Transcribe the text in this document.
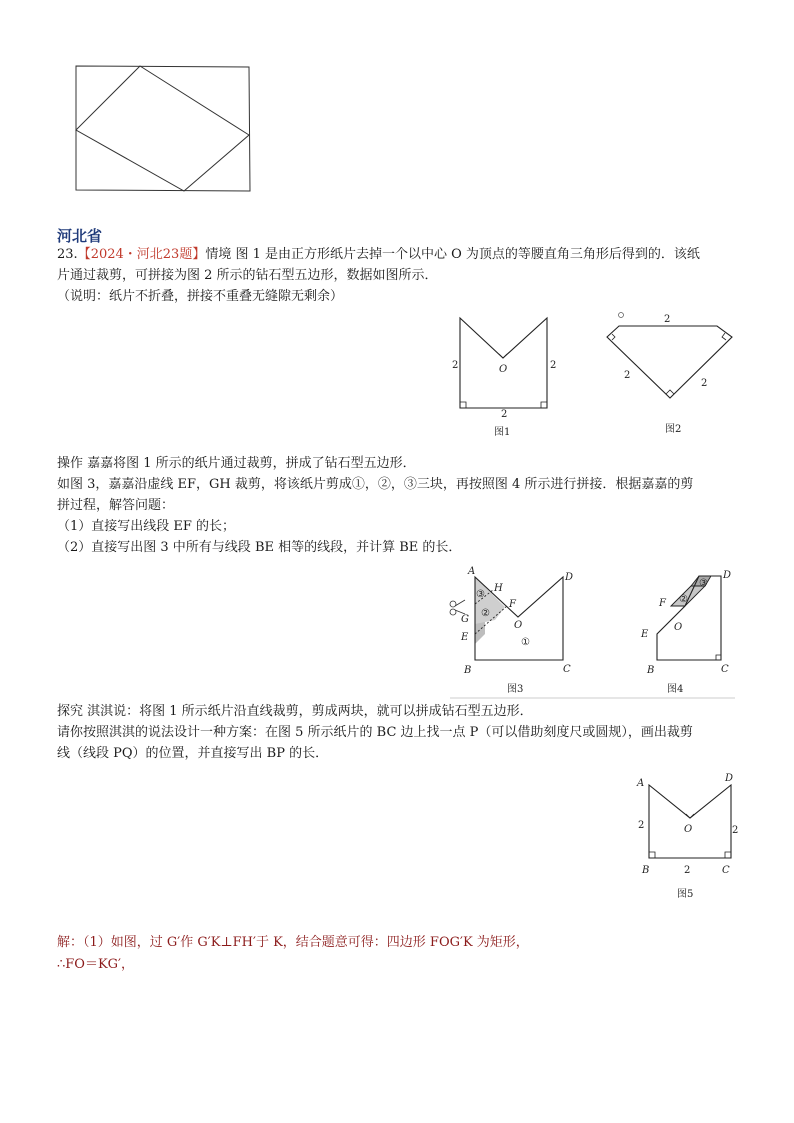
河北省
23.【2024・河北23题】情境 图 1 是由正方形纸片去掉一个以中心 O 为顶点的等腰直角三角形后得到的．该纸
片通过裁剪，可拼接为图 2 所示的钻石型五边形，数据如图所示．
（说明：纸片不折叠，拼接不重叠无缝隙无剩余）
2	2
2
O
图1
2
2
2
图2
操作 嘉嘉将图 1 所示的纸片通过裁剪，拼成了钻石型五边形．
如图 3，嘉嘉沿虚线 EF，GH 裁剪，将该纸片剪成①，②，③三块，再按照图 4 所示进行拼接．根据嘉嘉的剪
拼过程，解答问题：
（1）直接写出线段 EF 的长；
（2）直接写出图 3 中所有与线段 BE 相等的线段，并计算 BE 的长．
A
H
G
F
E
O
B	C
D
③
②
①
图3
F
O
E
B	C
D
②
③
图4
探究 淇淇说：将图 1 所示纸片沿直线裁剪，剪成两块，就可以拼成钻石型五边形．
请你按照淇淇的说法设计一种方案：在图 5 所示纸片的 BC 边上找一点 P（可以借助刻度尺或圆规），画出裁剪
线（线段 PQ）的位置，并直接写出 BP 的长．
A	D
O
B	C
2	2
2
图5
解：（1）如图，过 G′作 G′K⊥FH′于 K，结合题意可得：四边形 FOG′K 为矩形，
∴FO＝KG′，
